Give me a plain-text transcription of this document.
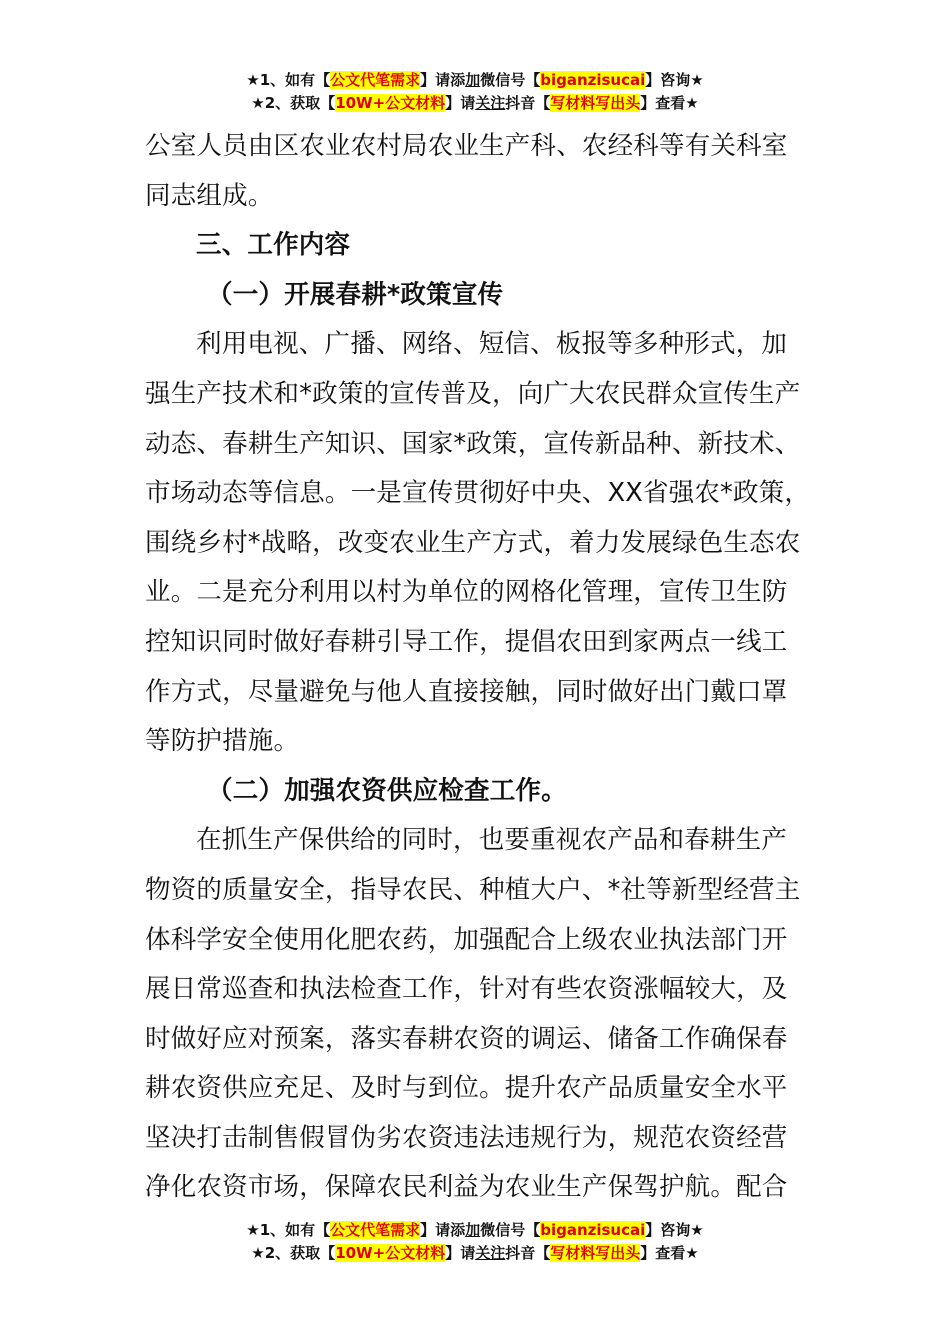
★1、如有【公文代笔需求】请添加微信号【biganzisucai】咨询★
★2、获取【10W+公文材料】请关注抖音【写材料写出头】查看★
公室人员由区农业农村局农业生产科、农经科等有关科室
同志组成。
三、工作内容
（一）开展春耕*政策宣传
利用电视、广播、网络、短信、板报等多种形式，加
强生产技术和*政策的宣传普及，向广大农民群众宣传生产
动态、春耕生产知识、国家*政策，宣传新品种、新技术、
市场动态等信息。一是宣传贯彻好中央、XX省强农*政策，
围绕乡村*战略，改变农业生产方式，着力发展绿色生态农
业。二是充分利用以村为单位的网格化管理，宣传卫生防
控知识同时做好春耕引导工作，提倡农田到家两点一线工
作方式，尽量避免与他人直接接触，同时做好出门戴口罩
等防护措施。
（二）加强农资供应检查工作。
在抓生产保供给的同时，也要重视农产品和春耕生产
物资的质量安全，指导农民、种植大户、*社等新型经营主
体科学安全使用化肥农药，加强配合上级农业执法部门开
展日常巡查和执法检查工作，针对有些农资涨幅较大，及
时做好应对预案，落实春耕农资的调运、储备工作确保春
耕农资供应充足、及时与到位。提升农产品质量安全水平
坚决打击制售假冒伪劣农资违法违规行为，规范农资经营
净化农资市场，保障农民利益为农业生产保驾护航。配合
★1、如有【公文代笔需求】请添加微信号【biganzisucai】咨询★
★2、获取【10W+公文材料】请关注抖音【写材料写出头】查看★
